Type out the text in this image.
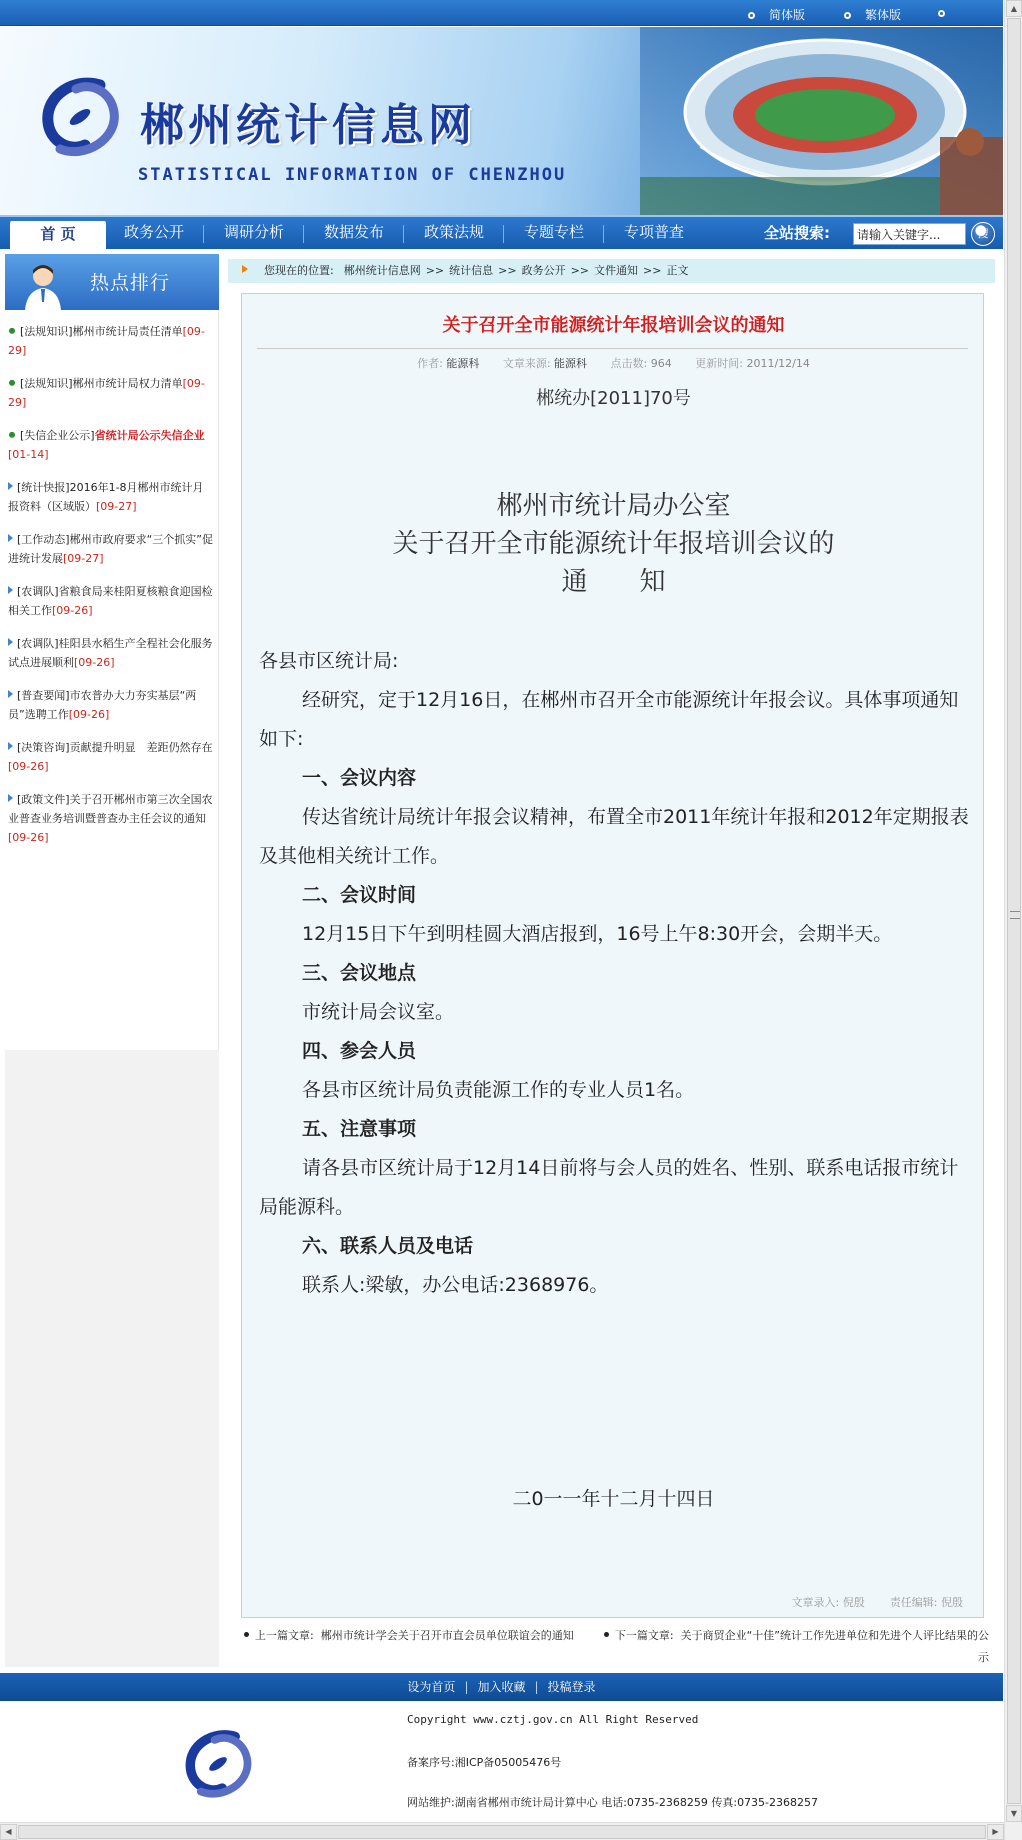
简体版	繁体版
郴州统计信息网
STATISTICAL INFORMATION OF CHENZHOU
首 页	政务公开	调研分析	数据发布	政策法规	专题专栏	专项普查	全站搜索:
请输入关键字...	搜
热点排行
[法规知识]郴州市统计局责任清单[09-29]
[法规知识]郴州市统计局权力清单[09-29]
[失信企业公示]省统计局公示失信企业[01-14]
[统计快报]2016年1-8月郴州市统计月报资料（区域版）[09-27]
[工作动态]郴州市政府要求“三个抓实”促进统计发展[09-27]
[农调队]省粮食局来桂阳夏核粮食迎国检相关工作[09-26]
[农调队]桂阳县水稻生产全程社会化服务试点进展顺利[09-26]
[普查要闻]市农普办大力夯实基层“两员”选聘工作[09-26]
[决策咨询]贡献提升明显　差距仍然存在[09-26]
[政策文件]关于召开郴州市第三次全国农业普查业务培训暨普查办主任会议的通知[09-26]
您现在的位置: 郴州统计信息网 >> 统计信息 >> 政务公开 >> 文件通知 >> 正文
关于召开全市能源统计年报培训会议的通知
作者: 能源科 文章来源: 能源科 点击数: 964 更新时间: 2011/12/14
郴统办[2011]70号
郴州市统计局办公室
关于召开全市能源统计年报培训会议的
通　　知

各县市区统计局:

经研究，定于12月16日，在郴州市召开全市能源统计年报会议。具体事项通知如下:

一、会议内容

传达省统计局统计年报会议精神，布置全市2011年统计年报和2012年定期报表及其他相关统计工作。

二、会议时间

12月15日下午到明桂圆大酒店报到，16号上午8:30开会，会期半天。

三、会议地点

市统计局会议室。

四、参会人员

各县市区统计局负责能源工作的专业人员1名。

五、注意事项

请各县市区统计局于12月14日前将与会人员的姓名、性别、联系电话报市统计局能源科。

六、联系人员及电话

联系人:梁敏，办公电话:2368976。

二0一一年十二月十四日
文章录入: 倪殷 责任编辑: 倪殷
上一篇文章: 郴州市统计学会关于召开市直会员单位联谊会的通知	下一篇文章: 关于商贸企业“十佳”统计工作先进单位和先进个人评比结果的公示
设为首页 | 加入收藏 | 投稿登录
Copyright www.cztj.gov.cn All Right Reserved
备案序号:湘ICP备05005476号
网站维护:湖南省郴州市统计局计算中心 电话:0735-2368259 传真:0735-2368257
▲
▼
◀	▶
